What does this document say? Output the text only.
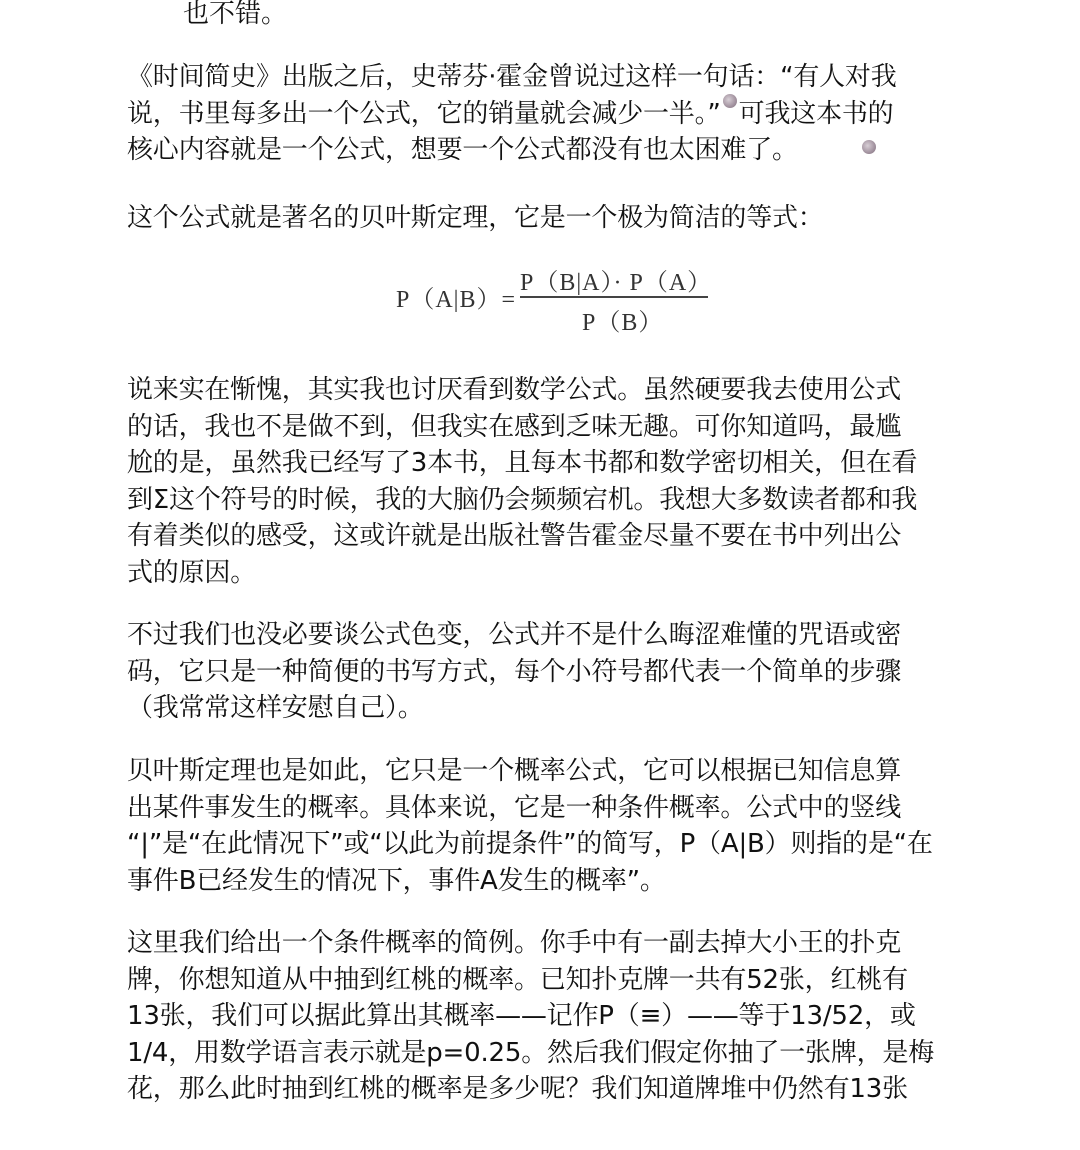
也不错。

《时间简史》出版之后，史蒂芬·霍金曾说过这样一句话：“有人对我
说，书里每多出一个公式，它的销量就会减少一半。” 可我这本书的
核心内容就是一个公式，想要一个公式都没有也太困难了。
这个公式就是著名的贝叶斯定理，它是一个极为简洁的等式：
P（A|B）=
P（B|A）· P（A）
P（B）
说来实在惭愧，其实我也讨厌看到数学公式。虽然硬要我去使用公式
的话，我也不是做不到，但我实在感到乏味无趣。可你知道吗，最尴
尬的是，虽然我已经写了3本书，且每本书都和数学密切相关，但在看
到Σ这个符号的时候，我的大脑仍会频频宕机。我想大多数读者都和我
有着类似的感受，这或许就是出版社警告霍金尽量不要在书中列出公
式的原因。
不过我们也没必要谈公式色变，公式并不是什么晦涩难懂的咒语或密
码，它只是一种简便的书写方式，每个小符号都代表一个简单的步骤
（我常常这样安慰自己）。
贝叶斯定理也是如此，它只是一个概率公式，它可以根据已知信息算
出某件事发生的概率。具体来说，它是一种条件概率。公式中的竖线
“|”是“在此情况下”或“以此为前提条件”的简写，P（A|B）则指的是“在
事件B已经发生的情况下，事件A发生的概率”。
这里我们给出一个条件概率的简例。你手中有一副去掉大小王的扑克
牌，你想知道从中抽到红桃的概率。已知扑克牌一共有52张，红桃有
13张，我们可以据此算出其概率——记作P（≡）——等于13/52，或
1/4，用数学语言表示就是p=0.25。然后我们假定你抽了一张牌，是梅
花，那么此时抽到红桃的概率是多少呢？我们知道牌堆中仍然有13张
